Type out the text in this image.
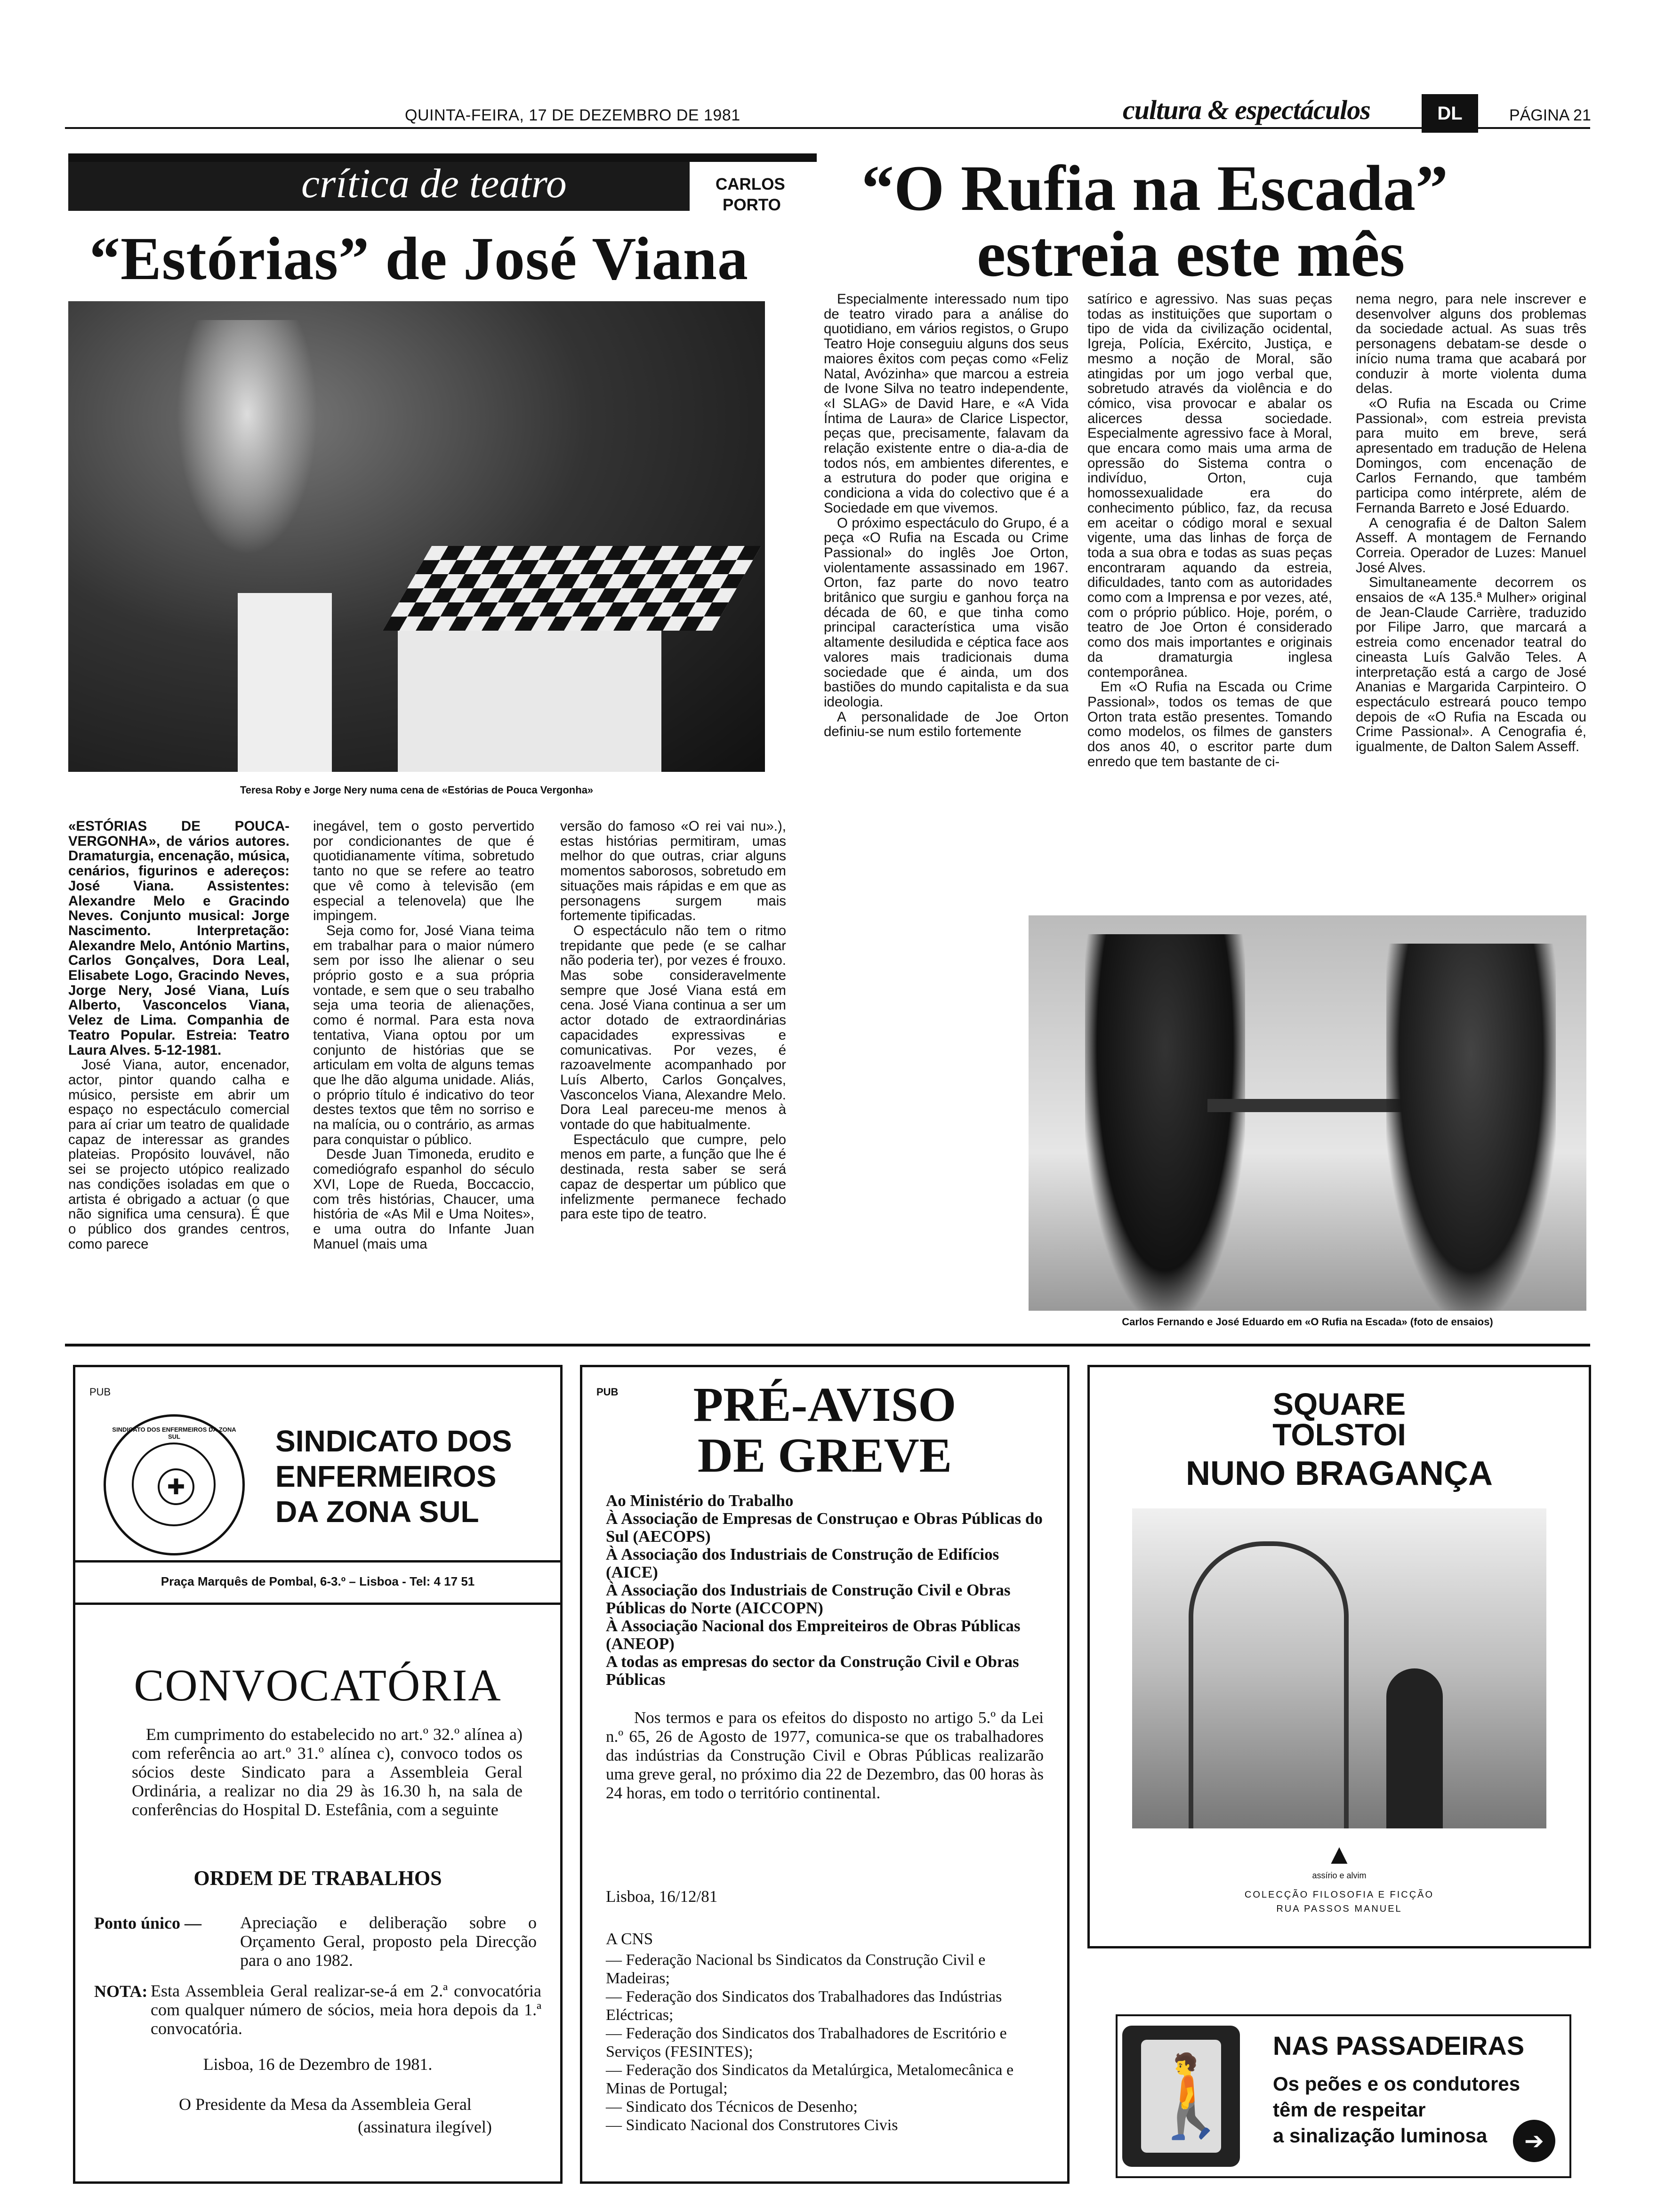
QUINTA-FEIRA, 17 DE DEZEMBRO DE 1981	cultura & espectáculos	DL	PÁGINA 21
crítica de teatro	CARLOS
PORTO
“Estórias” de José Viana
Teresa Roby e Jorge Nery numa cena de «Estórias de Pouca Vergonha»

«ESTÓRIAS DE POUCA-VERGONHA», de vários autores. Dramaturgia, encenação, música, cenários, figurinos e adereços: José Viana. Assistentes: Alexandre Melo e Gracindo Neves. Conjunto musical: Jorge Nascimento. Interpretação: Alexandre Melo, António Martins, Carlos Gonçalves, Dora Leal, Elisabete Logo, Gracindo Neves, Jorge Nery, José Viana, Luís Alberto, Vasconcelos Viana, Velez de Lima. Companhia de Teatro Popular. Estreia: Teatro Laura Alves. 5-12-1981.

José Viana, autor, encenador, actor, pintor quando calha e músico, persiste em abrir um espaço no espectáculo comercial para aí criar um teatro de qualidade capaz de interessar as grandes plateias. Propósito louvável, não sei se projecto utópico realizado nas condições isoladas em que o artista é obrigado a actuar (o que não significa uma censura). É que o público dos grandes centros, como parece

inegável, tem o gosto pervertido por condicionantes de que é quotidianamente vítima, sobretudo tanto no que se refere ao teatro que vê como à televisão (em especial a telenovela) que lhe impingem.

Seja como for, José Viana teima em trabalhar para o maior número sem por isso lhe alienar o seu próprio gosto e a sua própria vontade, e sem que o seu trabalho seja uma teoria de alienações, como é normal. Para esta nova tentativa, Viana optou por um conjunto de histórias que se articulam em volta de alguns temas que lhe dão alguma unidade. Aliás, o próprio título é indicativo do teor destes textos que têm no sorriso e na malícia, ou o contrário, as armas para conquistar o público.

Desde Juan Timoneda, erudito e comediógrafo espanhol do século XVI, Lope de Rueda, Boccaccio, com três histórias, Chaucer, uma história de «As Mil e Uma Noites», e uma outra do Infante Juan Manuel (mais uma

versão do famoso «O rei vai nu».), estas histórias permitiram, umas melhor do que outras, criar alguns momentos saborosos, sobretudo em situações mais rápidas e em que as personagens surgem mais fortemente tipificadas.

O espectáculo não tem o ritmo trepidante que pede (e se calhar não poderia ter), por vezes é frouxo. Mas sobe consideravelmente sempre que José Viana está em cena. José Viana continua a ser um actor dotado de extraordinárias capacidades expressivas e comunicativas. Por vezes, é razoavelmente acompanhado por Luís Alberto, Carlos Gonçalves, Vasconcelos Viana, Alexandre Melo. Dora Leal pareceu-me menos à vontade do que habitualmente.

Espectáculo que cumpre, pelo menos em parte, a função que lhe é destinada, resta saber se será capaz de despertar um público que infelizmente permanece fechado para este tipo de teatro.

“O Rufia na Escada”
estreia este mês

Especialmente interessado num tipo de teatro virado para a análise do quotidiano, em vários registos, o Grupo Teatro Hoje conseguiu alguns dos seus maiores êxitos com peças como «Feliz Natal, Avózinha» que marcou a estreia de Ivone Silva no teatro independente, «I SLAG» de David Hare, e «A Vida Íntima de Laura» de Clarice Lispector, peças que, precisamente, falavam da relação existente entre o dia-a-dia de todos nós, em ambientes diferentes, e a estrutura do poder que origina e condiciona a vida do colectivo que é a Sociedade em que vivemos.

O próximo espectáculo do Grupo, é a peça «O Rufia na Escada ou Crime Passional» do inglês Joe Orton, violentamente assassinado em 1967. Orton, faz parte do novo teatro britânico que surgiu e ganhou força na década de 60, e que tinha como principal característica uma visão altamente desiludida e céptica face aos valores mais tradicionais duma sociedade que é ainda, um dos bastiões do mundo capitalista e da sua ideologia.

A personalidade de Joe Orton definiu-se num estilo fortemente

satírico e agressivo. Nas suas peças todas as instituições que suportam o tipo de vida da civilização ocidental, Igreja, Polícia, Exército, Justiça, e mesmo a noção de Moral, são atingidas por um jogo verbal que, sobretudo através da violência e do cómico, visa provocar e abalar os alicerces dessa sociedade. Especialmente agressivo face à Moral, que encara como mais uma arma de opressão do Sistema contra o indivíduo, Orton, cuja homossexualidade era do conhecimento público, faz, da recusa em aceitar o código moral e sexual vigente, uma das linhas de força de toda a sua obra e todas as suas peças encontraram aquando da estreia, dificuldades, tanto com as autoridades como com a Imprensa e por vezes, até, com o próprio público. Hoje, porém, o teatro de Joe Orton é considerado como dos mais importantes e originais da dramaturgia inglesa contemporânea.

Em «O Rufia na Escada ou Crime Passional», todos os temas de que Orton trata estão presentes. Tomando como modelos, os filmes de gansters dos anos 40, o escritor parte dum enredo que tem bastante de ci-

nema negro, para nele inscrever e desenvolver alguns dos problemas da sociedade actual. As suas três personagens debatam-se desde o início numa trama que acabará por conduzir à morte violenta duma delas.

«O Rufia na Escada ou Crime Passional», com estreia prevista para muito em breve, será apresentado em tradução de Helena Domingos, com encenação de Carlos Fernando, que também participa como intérprete, além de Fernanda Barreto e José Eduardo.

A cenografia é de Dalton Salem Asseff. A montagem de Fernando Correia. Operador de Luzes: Manuel José Alves.

Simultaneamente decorrem os ensaios de «A 135.ª Mulher» original de Jean-Claude Carrière, traduzido por Filipe Jarro, que marcará a estreia como encenador teatral do cineasta Luís Galvão Teles. A interpretação está a cargo de José Ananias e Margarida Carpinteiro. O espectáculo estreará pouco tempo depois de «O Rufia na Escada ou Crime Passional». A Cenografia é, igualmente, de Dalton Salem Asseff.

Carlos Fernando e José Eduardo em «O Rufia na Escada» (foto de ensaios)
PUB
✚
SINDICATO DOS ENFERMEIROS DA ZONA SUL	SINDICATO DOS
ENFERMEIROS
DA ZONA SUL
Praça Marquês de Pombal, 6-3.º – Lisboa - Tel: 4 17 51
CONVOCATÓRIA
Em cumprimento do estabelecido no art.º 32.º alínea a) com referência ao art.º 31.º alínea c), convoco todos os sócios deste Sindicato para a Assembleia Geral Ordinária, a realizar no dia 29 às 16.30 h, na sala de conferências do Hospital D. Estefânia, com a seguinte
ORDEM DE TRABALHOS
Ponto único — Apreciação e deliberação sobre o Orçamento Geral, proposto pela Direcção para o ano 1982.
NOTA: Esta Assembleia Geral realizar-se-á em 2.ª convocatória com qualquer número de sócios, meia hora depois da 1.ª convocatória.
Lisboa, 16 de Dezembro de 1981.
O Presidente da Mesa da Assembleia Geral
(assinatura ilegível)
PUB	PRÉ-AVISO
DE GREVE
Ao Ministério do Trabalho
À Associação de Empresas de Construçao e Obras Públicas do Sul (AECOPS)
À Associação dos Industriais de Construção de Edifícios (AICE)
À Associação dos Industriais de Construção Civil e Obras Públicas do Norte (AICCOPN)
À Associação Nacional dos Empreiteiros de Obras Públicas (ANEOP)
A todas as empresas do sector da Construção Civil e Obras Públicas
Nos termos e para os efeitos do disposto no artigo 5.º da Lei n.º 65, 26 de Agosto de 1977, comunica-se que os trabalhadores das indústrias da Construção Civil e Obras Públicas realizarão uma greve geral, no próximo dia 22 de Dezembro, das 00 horas às 24 horas, em todo o território continental.
Lisboa, 16/12/81
A CNS
— Federação Nacional bs Sindicatos da Construção Civil e Madeiras;
— Federação dos Sindicatos dos Trabalhadores das Indústrias Eléctricas;
— Federação dos Sindicatos dos Trabalhadores de Escritório e Serviços (FESINTES);
— Federação dos Sindicatos da Metalúrgica, Metalomecânica e Minas de Portugal;
— Sindicato dos Técnicos de Desenho;
— Sindicato Nacional dos Construtores Civis
SQUARE
TOLSTOI
NUNO BRAGANÇA
▲
assírio e alvim
COLECÇÃO FILOSOFIA E FICÇÃO
RUA PASSOS MANUEL
🚶
NAS PASSADEIRAS
Os peões e os condutores
têm de respeitar
a sinalização luminosa	➔
